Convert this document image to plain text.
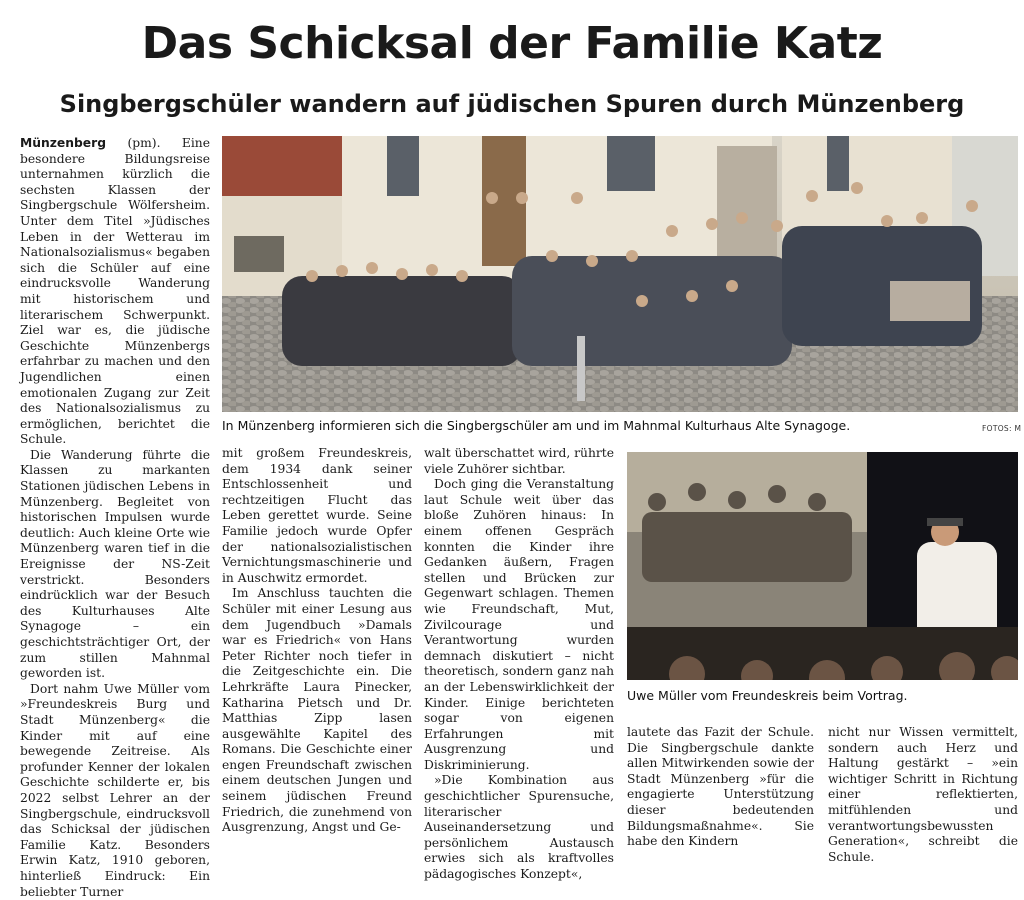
Das Schicksal der Familie Katz
Singbergschüler wandern auf jüdischen Spuren durch Münzenberg

Münzenberg (pm). Eine besondere Bildungsreise unternahmen kürzlich die sechsten Klassen der Singbergschule Wölfersheim. Unter dem Titel »Jüdisches Leben in der Wetterau im Nationalsozialismus« begaben sich die Schüler auf eine eindrucksvolle Wanderung mit historischem und literarischem Schwerpunkt. Ziel war es, die jüdische Geschichte Münzenbergs erfahrbar zu machen und den Jugendlichen einen emotionalen Zugang zur Zeit des Nationalsozialismus zu ermöglichen, berichtet die Schule.

Die Wanderung führte die Klassen zu markanten Stationen jüdischen Lebens in Münzenberg. Begleitet von historischen Impulsen wurde deutlich: Auch kleine Orte wie Münzenberg waren tief in die Ereignisse der NS-Zeit verstrickt. Besonders eindrücklich war der Besuch des Kulturhauses Alte Synagoge – ein geschichtsträchtiger Ort, der zum stillen Mahnmal geworden ist.

Dort nahm Uwe Müller vom »Freundeskreis Burg und Stadt Münzenberg« die Kinder mit auf eine bewegende Zeitreise. Als profunder Kenner der lokalen Geschichte schilderte er, bis 2022 selbst Lehrer an der Singbergschule, eindrucksvoll das Schicksal der jüdischen Familie Katz. Besonders Erwin Katz, 1910 geboren, hinterließ Eindruck: Ein beliebter Turner

In Münzenberg informieren sich die Singbergschüler am und im Mahnmal Kulturhaus Alte Synagoge.	FOTOS: M

mit großem Freundeskreis, dem 1934 dank seiner Entschlossenheit und rechtzeitigen Flucht das Leben gerettet wurde. Seine Familie jedoch wurde Opfer der nationalsozialistischen Vernichtungsmaschinerie und in Auschwitz ermordet.

Im Anschluss tauchten die Schüler mit einer Lesung aus dem Jugendbuch »Damals war es Friedrich« von Hans Peter Richter noch tiefer in die Zeitgeschichte ein. Die Lehrkräfte Laura Pinecker, Katharina Pietsch und Dr. Matthias Zipp lasen ausgewählte Kapitel des Romans. Die Geschichte einer engen Freundschaft zwischen einem deutschen Jungen und seinem jüdischen Freund Friedrich, die zunehmend von Ausgrenzung, Angst und Ge-

walt überschattet wird, rührte viele Zuhörer sichtbar.

Doch ging die Veranstaltung laut Schule weit über das bloße Zuhören hinaus: In einem offenen Gespräch konnten die Kinder ihre Gedanken äußern, Fragen stellen und Brücken zur Gegenwart schlagen. Themen wie Freundschaft, Mut, Zivilcourage und Verantwortung wurden demnach diskutiert – nicht theoretisch, sondern ganz nah an der Lebenswirklichkeit der Kinder. Einige berichteten sogar von eigenen Erfahrungen mit Ausgrenzung und Diskriminierung.

»Die Kombination aus geschichtlicher Spurensuche, literarischer Auseinandersetzung und persönlichem Austausch erwies sich als kraftvolles pädagogisches Konzept«,

Uwe Müller vom Freundeskreis beim Vortrag.

lautete das Fazit der Schule. Die Singbergschule dankte allen Mitwirkenden sowie der Stadt Münzenberg »für die engagierte Unterstützung dieser bedeutenden Bildungsmaßnahme«. Sie habe den Kindern

nicht nur Wissen vermittelt, sondern auch Herz und Haltung gestärkt – »ein wichtiger Schritt in Richtung einer reflektierten, mitfühlenden und verantwortungsbewussten Generation«, schreibt die Schule.
